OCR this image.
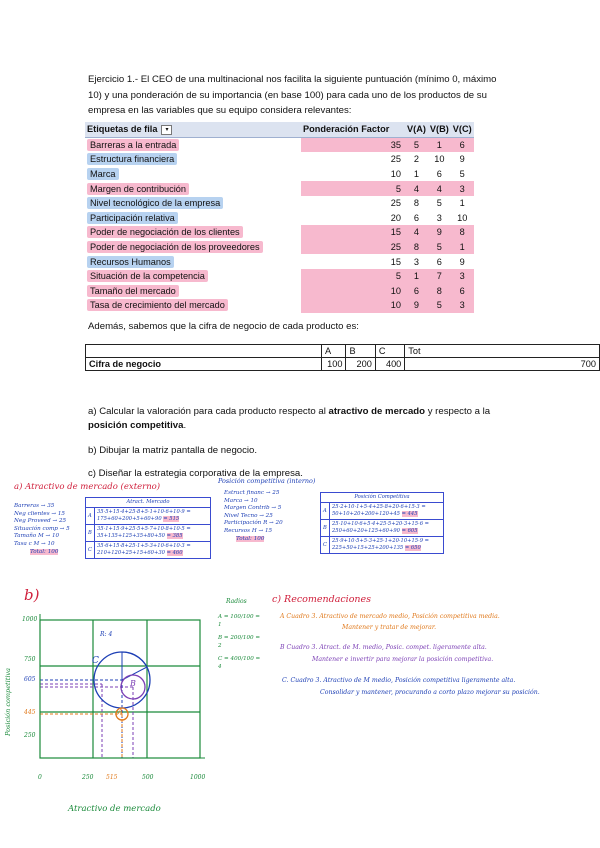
Ejercicio 1.- El CEO de una multinacional nos facilita la siguiente puntuación (mínimo 0, máximo 10) y una ponderación de su importancia (en base 100) para cada uno de los productos de su empresa en las variables que su equipo considera relevantes:
Etiquetas de fila ▾	Ponderación Factor	V(A)	V(B)	V(C)
Barreras a la entrada	35	5	1	6
Estructura financiera	25	2	10	9
Marca	10	1	6	5
Margen de contribución	5	4	4	3
Nivel tecnológico de la empresa	25	8	5	1
Participación relativa	20	6	3	10
Poder de negociación de los clientes	15	4	9	8
Poder de negociación de los proveedores	25	8	5	1
Recursos Humanos	15	3	6	9
Situación de la competencia	5	1	7	3
Tamaño del mercado	10	6	8	6
Tasa de crecimiento del mercado	10	9	5	3
Además, sabemos que la cifra de negocio de cada producto es:
	A	B	C	Tot
Cifra de negocio	100	200	400	700
a) Calcular la valoración para cada producto respecto al atractivo de mercado y respecto a la posición competitiva.
b) Dibujar la matriz pantalla de negocio.
c) Diseñar la estrategia corporativa de la empresa.
a) Atractivo de mercado (externo)
Posición competitiva (interno)
Barreras → 35
Neg clientes → 15
Neg Proveed → 25
Situación comp → 5
Tamaño M → 10
Tasa c M → 10
Total: 100
Atract. Mercado	
A	35·5+15·4+25·8+5·1+10·6+10·9 = 175+60+200+5+60+90 = 515
B	35·1+15·9+25·5+5·7+10·8+10·5 = 35+135+125+35+80+50 = 385
C	35·6+15·8+25·1+5·3+10·6+10·3 = 210+120+25+15+60+30 = 460
Estruct financ → 25
Marca → 10
Margen Contrib → 5
Nivel Tecno → 25
Participación R → 20
Recursos H → 15
Total: 100
Posición Competitiva	
A	25·2+10·1+5·4+25·8+20·6+15·3 = 50+10+20+200+120+45 = 445
B	25·10+10·6+5·4+25·5+20·3+15·6 = 250+60+20+125+60+90 = 605
C	25·9+10·5+5·3+25·1+20·10+15·9 = 225+50+15+25+200+135 = 650
b)
R: 4
C
B
A
1000
750
605
445
250
0	250 515	500	1000
Posición competitiva
Atractivo de mercado
Radios
A = 100/100 = 1
B = 200/100 = 2
C = 400/100 = 4
c) Recomendaciones
A Cuadro 3. Atractivo de mercado medio, Posición competitiva media.
Mantener y tratar de mejorar.
B Cuadro 3. Atract. de M. medio, Posic. compet. ligeramente alta.
Mantener e invertir para mejorar la posición competitiva.
C. Cuadro 3. Atractivo de M medio, Posición competitiva ligeramente alta.
Consolidar y mantener, procurando a corto plazo mejorar su posición.
